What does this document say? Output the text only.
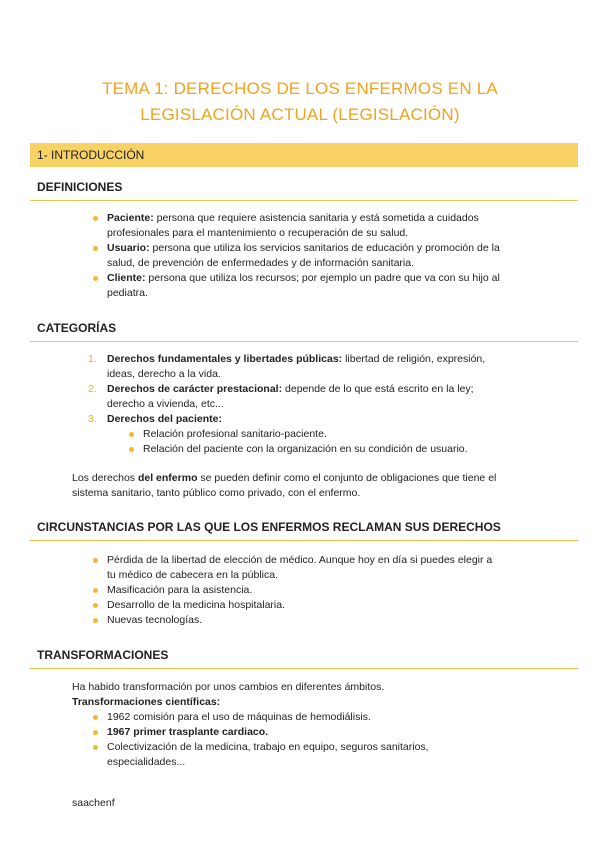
TEMA 1: DERECHOS DE LOS ENFERMOS EN LA
LEGISLACIÓN ACTUAL (LEGISLACIÓN)
1- INTRODUCCIÓN
DEFINICIONES
Paciente: persona que requiere asistencia sanitaria y está sometida a cuidados
profesionales para el mantenimiento o recuperación de su salud.
Usuario: persona que utiliza los servicios sanitarios de educación y promoción de la
salud, de prevención de enfermedades y de información sanitaria.
Cliente: persona que utiliza los recursos; por ejemplo un padre que va con su hijo al
pediatra.
CATEGORÍAS
1. Derechos fundamentales y libertades públicas: libertad de religión, expresión,
ideas, derecho a la vida.
2. Derechos de carácter prestacional: depende de lo que está escrito en la ley;
derecho a vivienda, etc...
3. Derechos del paciente:
Relación profesional sanitario-paciente.
Relación del paciente con la organización en su condición de usuario.
Los derechos del enfermo se pueden definir como el conjunto de obligaciones que tiene el
sistema sanitario, tanto público como privado, con el enfermo.
CIRCUNSTANCIAS POR LAS QUE LOS ENFERMOS RECLAMAN SUS DERECHOS
Pérdida de la libertad de elección de médico. Aunque hoy en día si puedes elegir a
tu médico de cabecera en la pública.
Masificación para la asistencia.
Desarrollo de la medicina hospitalaria.
Nuevas tecnologías.
TRANSFORMACIONES
Ha habido transformación por unos cambios en diferentes ámbitos.
Transformaciones científicas:
1962 comisión para el uso de máquinas de hemodiálisis.
1967 primer trasplante cardiaco.
Colectivización de la medicina, trabajo en equipo, seguros sanitarios,
especialidades...
saachenf
